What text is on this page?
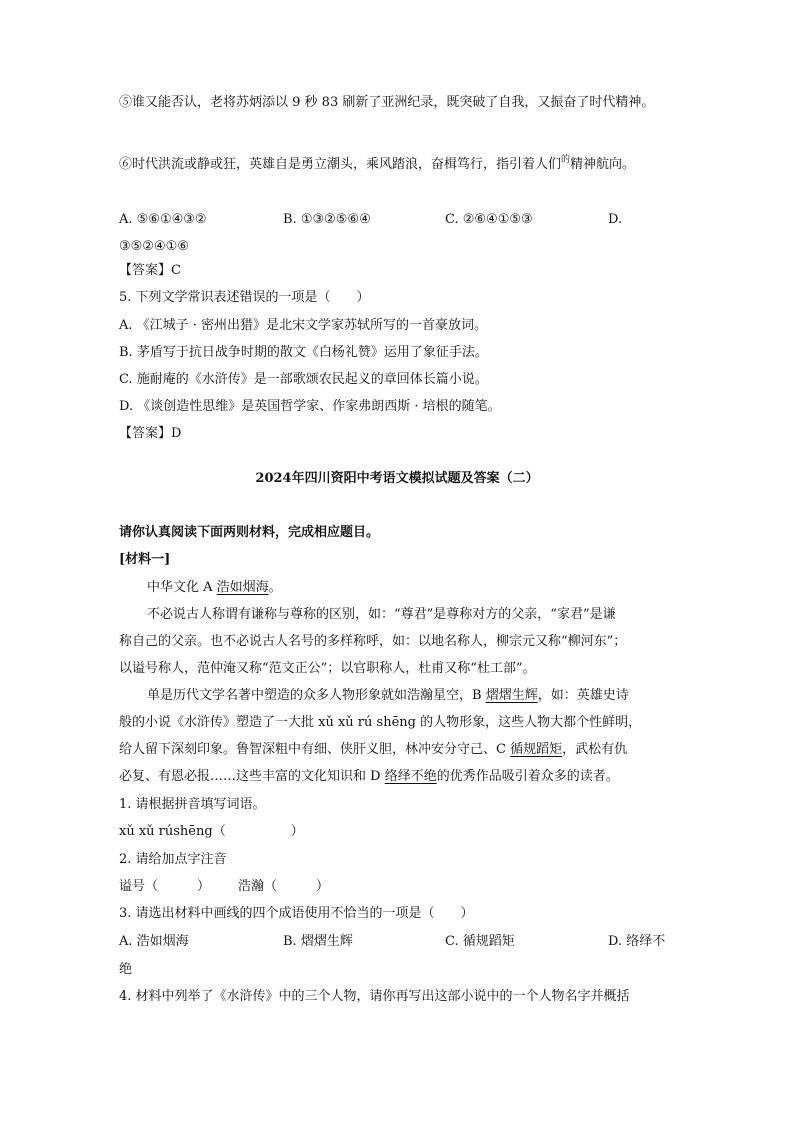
⑤谁又能否认，老将苏炳添以 9 秒 83 刷新了亚洲纪录，既突破了自我，又振奋了时代精神。
⑥时代洪流或静或狂，英雄自是勇立潮头，乘风踏浪，奋楫笃行，指引着人们$^的$精神航向。
A. ⑤⑥①④③②	B. ①③②⑤⑥④	C. ②⑥④①⑤③	D.
③⑤②④①⑥
【答案】C
5. 下列文学常识表述错误的一项是（　　）
A. 《江城子 · 密州出猎》是北宋文学家苏轼所写的一首豪放词。
B. 茅盾写于抗日战争时期的散文《白杨礼赞》运用了象征手法。
C. 施耐庵的《水浒传》是一部歌颂农民起义的章回体长篇小说。
D. 《谈创造性思维》是英国哲学家、作家弗朗西斯 · 培根的随笔。
【答案】D
2024年四川资阳中考语文模拟试题及答案（二）
请你认真阅读下面两则材料，完成相应题目。
[材料一]
中华文化 A 浩如烟海。
不必说古人称谓有谦称与尊称的区别，如：“尊君”是尊称对方的父亲，“家君”是谦
称自己的父亲。也不必说古人名号的多样称呼，如：以地名称人，柳宗元又称“柳河东”；
以谥号称人，范仲淹又称“范文正公”；以官职称人，杜甫又称“杜工部”。
单是历代文学名著中塑造的众多人物形象就如浩瀚星空，B 熠熠生辉，如：英雄史诗
般的小说《水浒传》塑造了一大批 xǔ xǔ rú shēng 的人物形象，这些人物大都个性鲜明，
给人留下深刻印象。鲁智深粗中有细、侠肝义胆，林冲安分守己、C 循规蹈矩，武松有仇
必复、有恩必报……这些丰富的文化知识和 D 络绎不绝的优秀作品吸引着众多的读者。
1. 请根据拼音填写词语。
xǔ xǔ rúshēng（　　　　　）
2. 请给加点字注音
谥号（　　　） 浩瀚（　　　）
3. 请选出材料中画线的四个成语使用不恰当的一项是（　　）
A. 浩如烟海	B. 熠熠生辉	C. 循规蹈矩	D. 络绎不
绝
4. 材料中列举了《水浒传》中的三个人物，请你再写出这部小说中的一个人物名字并概括
